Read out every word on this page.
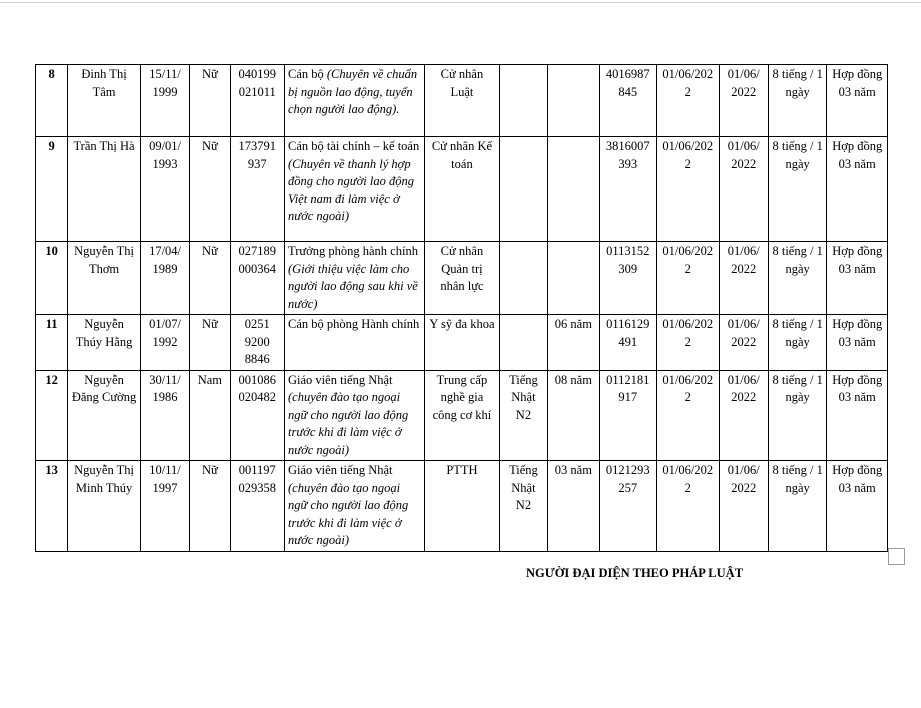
8	Đinh Thị Tâm	15/11/ 1999	Nữ	040199 021011	Cán bộ (Chuyên về chuẩn bị nguồn lao động, tuyển chọn người lao động).	Cử nhân Luật			4016987 845	01/06/202 2	01/06/ 2022	8 tiếng / 1 ngày	Hợp đồng 03 năm
9	Trần Thị Hà	09/01/ 1993	Nữ	173791 937	Cán bộ tài chính – kế toán (Chuyên về thanh lý hợp đồng cho người lao động Việt nam đi làm việc ở nước ngoài)	Cử nhân Kế toán			3816007 393	01/06/202 2	01/06/ 2022	8 tiếng / 1 ngày	Hợp đồng 03 năm
10	Nguyễn Thị Thơm	17/04/ 1989	Nữ	027189 000364	Trưởng phòng hành chính (Giới thiệu việc làm cho người lao động sau khi về nước)	Cử nhân Quản trị nhân lực			0113152 309	01/06/202 2	01/06/ 2022	8 tiếng / 1 ngày	Hợp đồng 03 năm
11	Nguyễn Thúy Hằng	01/07/ 1992	Nữ	0251 9200 8846	Cán bộ phòng Hành chính	Y sỹ đa khoa		06 năm	0116129 491	01/06/202 2	01/06/ 2022	8 tiếng / 1 ngày	Hợp đồng 03 năm
12	Nguyễn Đăng Cường	30/11/ 1986	Nam	001086 020482	Giáo viên tiếng Nhật (chuyên đào tạo ngoại ngữ cho người lao động trước khi đi làm việc ở nước ngoài)	Trung cấp nghề gia công cơ khí	Tiếng Nhật N2	08 năm	0112181 917	01/06/202 2	01/06/ 2022	8 tiếng / 1 ngày	Hợp đồng 03 năm
13	Nguyễn Thị Minh Thúy	10/11/ 1997	Nữ	001197 029358	Giáo viên tiếng Nhật (chuyên đào tạo ngoại ngữ cho người lao động trước khi đi làm việc ở nước ngoài)	PTTH	Tiếng Nhật N2	03 năm	0121293 257	01/06/202 2	01/06/ 2022	8 tiếng / 1 ngày	Hợp đồng 03 năm
NGƯỜI ĐẠI DIỆN THEO PHÁP LUẬT
